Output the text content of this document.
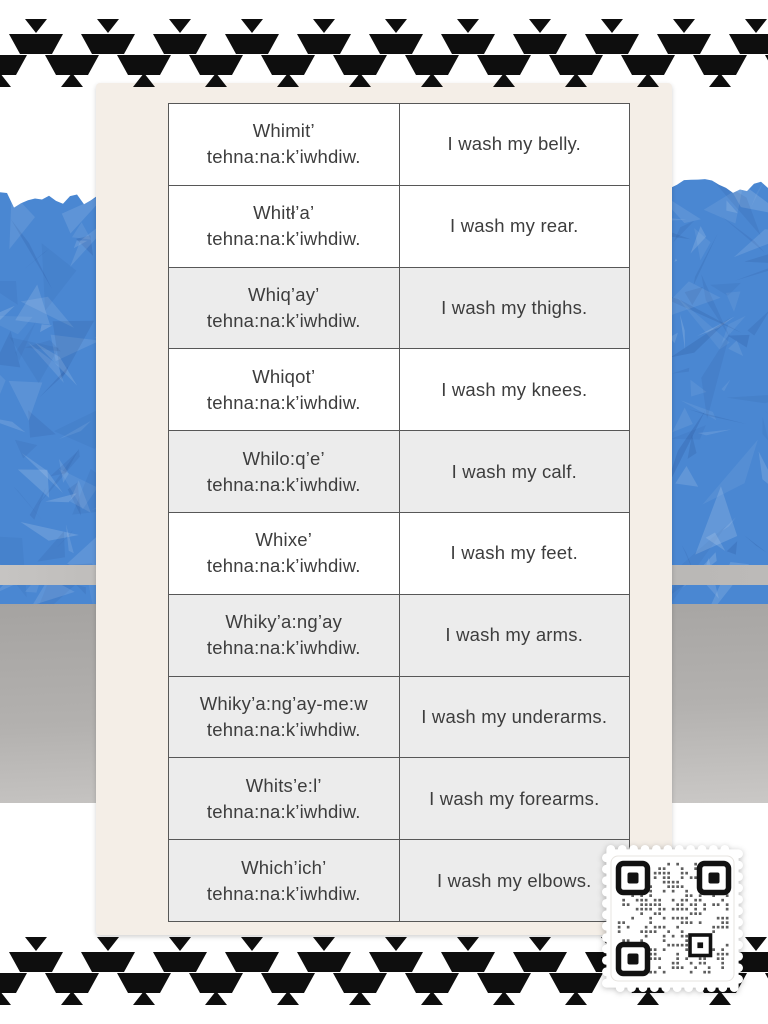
Whimit’
tehna:na:k’iwhdiw.
I wash my belly.
Whitł’a’
tehna:na:k’iwhdiw.
I wash my rear.
Whiq’ay’
tehna:na:k’iwhdiw.
I wash my thighs.
Whiqot’
tehna:na:k’iwhdiw.
I wash my knees.
Whilo:q’e’
tehna:na:k’iwhdiw.
I wash my calf.
Whixe’
tehna:na:k’iwhdiw.
I wash my feet.
Whiky’a:ng’ay
tehna:na:k’iwhdiw.
I wash my arms.
Whiky’a:ng’ay-me:w
tehna:na:k’iwhdiw.
I wash my underarms.
Whits’e:l’
tehna:na:k’iwhdiw.
I wash my forearms.
Which’ich’
tehna:na:k’iwhdiw.
I wash my elbows.
